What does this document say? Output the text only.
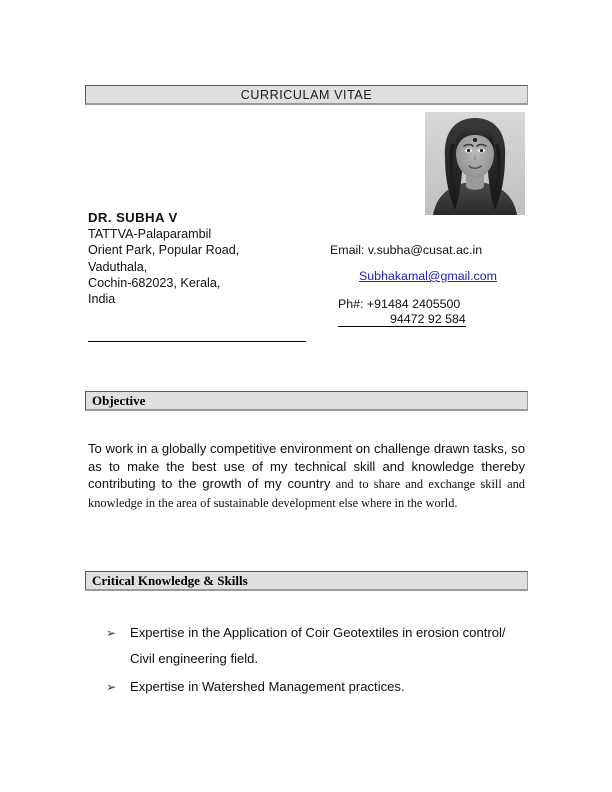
CURRICULAM VITAE
DR. SUBHA V
TATTVA-Palaparambil
Orient Park, Popular Road,
Vaduthala,
Cochin-682023, Kerala,
India
Email: v.subha@cusat.ac.in
Subhakamal@gmail.com
Ph#: +91484 2405500
94472 92 584
Objective
To work in a globally competitive environment on challenge drawn tasks, so as to make the best use of my technical skill and knowledge thereby contributing to the growth of my country and to share and exchange skill and knowledge in the area of sustainable development else where in the world.
Critical Knowledge & Skills
➢	Expertise in the Application of Coir Geotextiles in erosion control/ Civil engineering field.
➢	Expertise in Watershed Management practices.
